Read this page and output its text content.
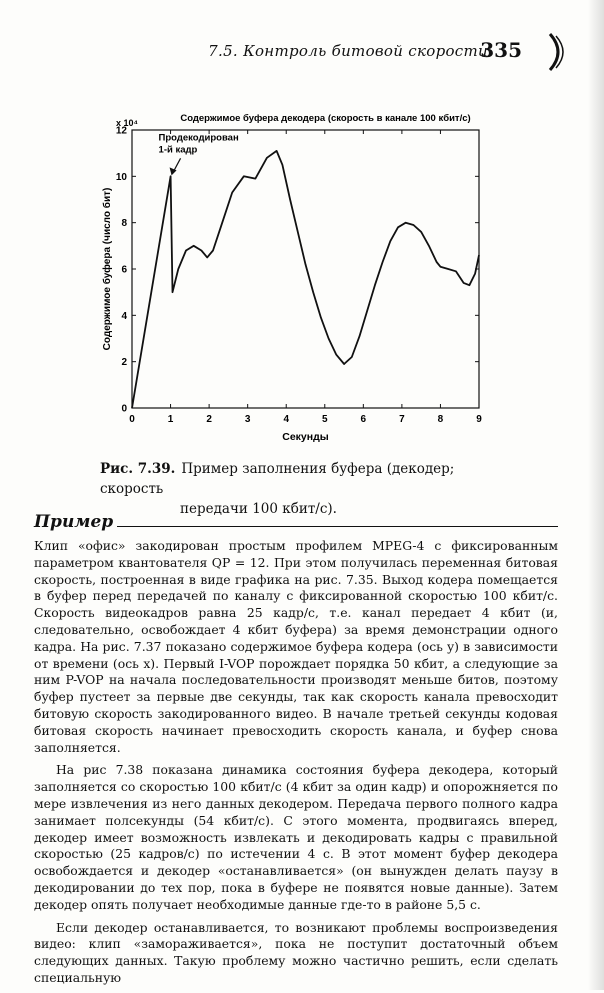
7.5. Контроль битовой скорости
335
0	1	2	3	4	5	6	7	8	9
0
2
4
6
8
10
12
x 10⁴	Содержимое буфера декодера (скорость в канале 100 кбит/с)
Секунды
Содержимое буфера (число бит)
Продекодирован
1-й кадр
Рис. 7.39. Пример заполнения буфера (декодер; скорость
передачи 100 кбит/с).
Пример

Клип «офис» закодирован простым профилем MPEG-4 с фиксированным параметром квантователя QP = 12. При этом получилась переменная битовая скорость, построенная в виде графика на рис. 7.35. Выход кодера помещается в буфер перед передачей по каналу с фиксированной скоростью 100 кбит/с. Скорость видеокадров равна 25 кадр/с, т.е. канал передает 4 кбит (и, следовательно, освобождает 4 кбит буфера) за время демонстрации одного кадра. На рис. 7.37 показано содержимое буфера кодера (ось y) в зависимости от времени (ось x). Первый I-VOP порождает порядка 50 кбит, а следующие за ним P-VOP на начала последовательности производят меньше битов, поэтому буфер пустеет за первые две секунды, так как скорость канала превосходит битовую скорость закодированного видео. В начале третьей секунды кодовая битовая скорость начинает превосходить скорость канала, и буфер снова заполняется.

На рис 7.38 показана динамика состояния буфера декодера, который заполняется со скоростью 100 кбит/с (4 кбит за один кадр) и опорожняется по мере извлечения из него данных декодером. Передача первого полного кадра занимает полсекунды (54 кбит/с). С этого момента, продвигаясь вперед, декодер имеет возможность извлекать и декодировать кадры с правильной скоростью (25 кадров/с) по истечении 4 с. В этот момент буфер декодера освобождается и декодер «останавливается» (он вынужден делать паузу в декодировании до тех пор, пока в буфере не появятся новые данные). Затем декодер опять получает необходимые данные где-то в районе 5,5 с.

Если декодер останавливается, то возникают проблемы воспроизведения видео: клип «замораживается», пока не поступит достаточный объем следующих данных. Такую проблему можно частично решить, если сделать специальную
